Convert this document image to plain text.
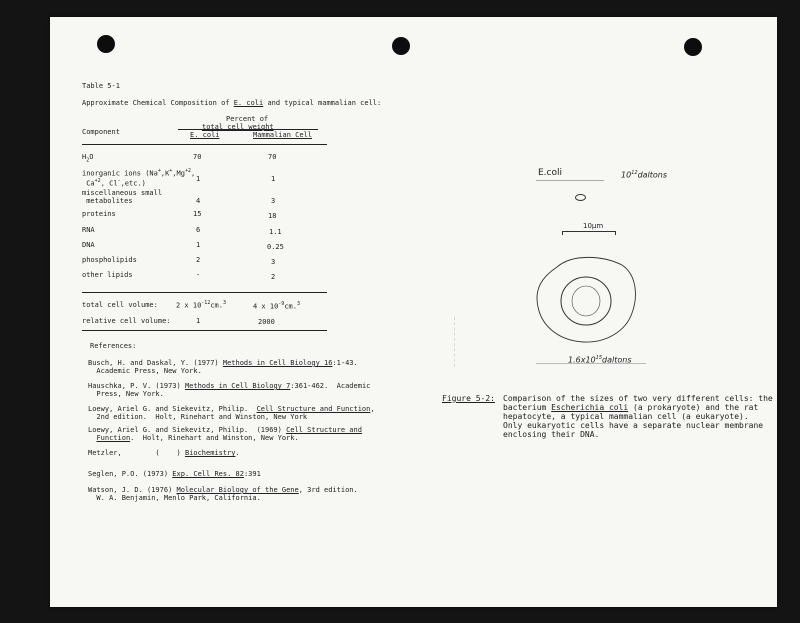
Table 5-1
Approximate Chemical Composition of E. coli and typical mammalian cell:
Percent of
total cell weight
Component	E. coli	Mammalian Cell
$H_2O$	70	70
inorganic ions ($Na^+,K^+,Mg^{+2}$,
$Ca^{+2}$, Cl-,etc.)
1	1
miscellaneous small
metabolites	4	3
proteins	15	18
RNA	6	1.1
DNA	1	0.25
phospholipids	2	3
other lipids	-	2
total cell volume:	2 x $10^{-12}cm.^3$	4 x $10^{-9}cm.^3$
relative cell volume:	1	2000
References:
Busch, H. and Daskal, Y. (1977) Methods in Cell Biology 16:1-43.
Academic Press, New York.
Hauschka, P. V. (1973) Methods in Cell Biology 7:361-462.  Academic
Press, New York.
Loewy, Ariel G. and Siekevitz, Philip.  Cell Structure and Function,
2nd edition.  Holt, Rinehart and Winston, New York
Loewy, Ariel G. and Siekevitz, Philip.  (1969) Cell Structure and
Function.  Holt, Rinehart and Winston, New York.
Metzler,        (    ) Biochemistry.
Seglen, P.O. (1973) Exp. Cell Res. 82:391
Watson, J. D. (1976) Molecular Biology of the Gene, 3rd edition.
W. A. Benjamin, Menlo Park, California.
E.coli	$10^{12}daltons$
10µm
$1.6x10^{15}daltons$
Figure 5-2: Comparison of the sizes of two very different cells: the
bacterium Escherichia coli (a prokaryote) and the rat
hepatocyte, a typical mammalian cell (a eukaryote).
Only eukaryotic cells have a separate nuclear membrane
enclosing their DNA.
